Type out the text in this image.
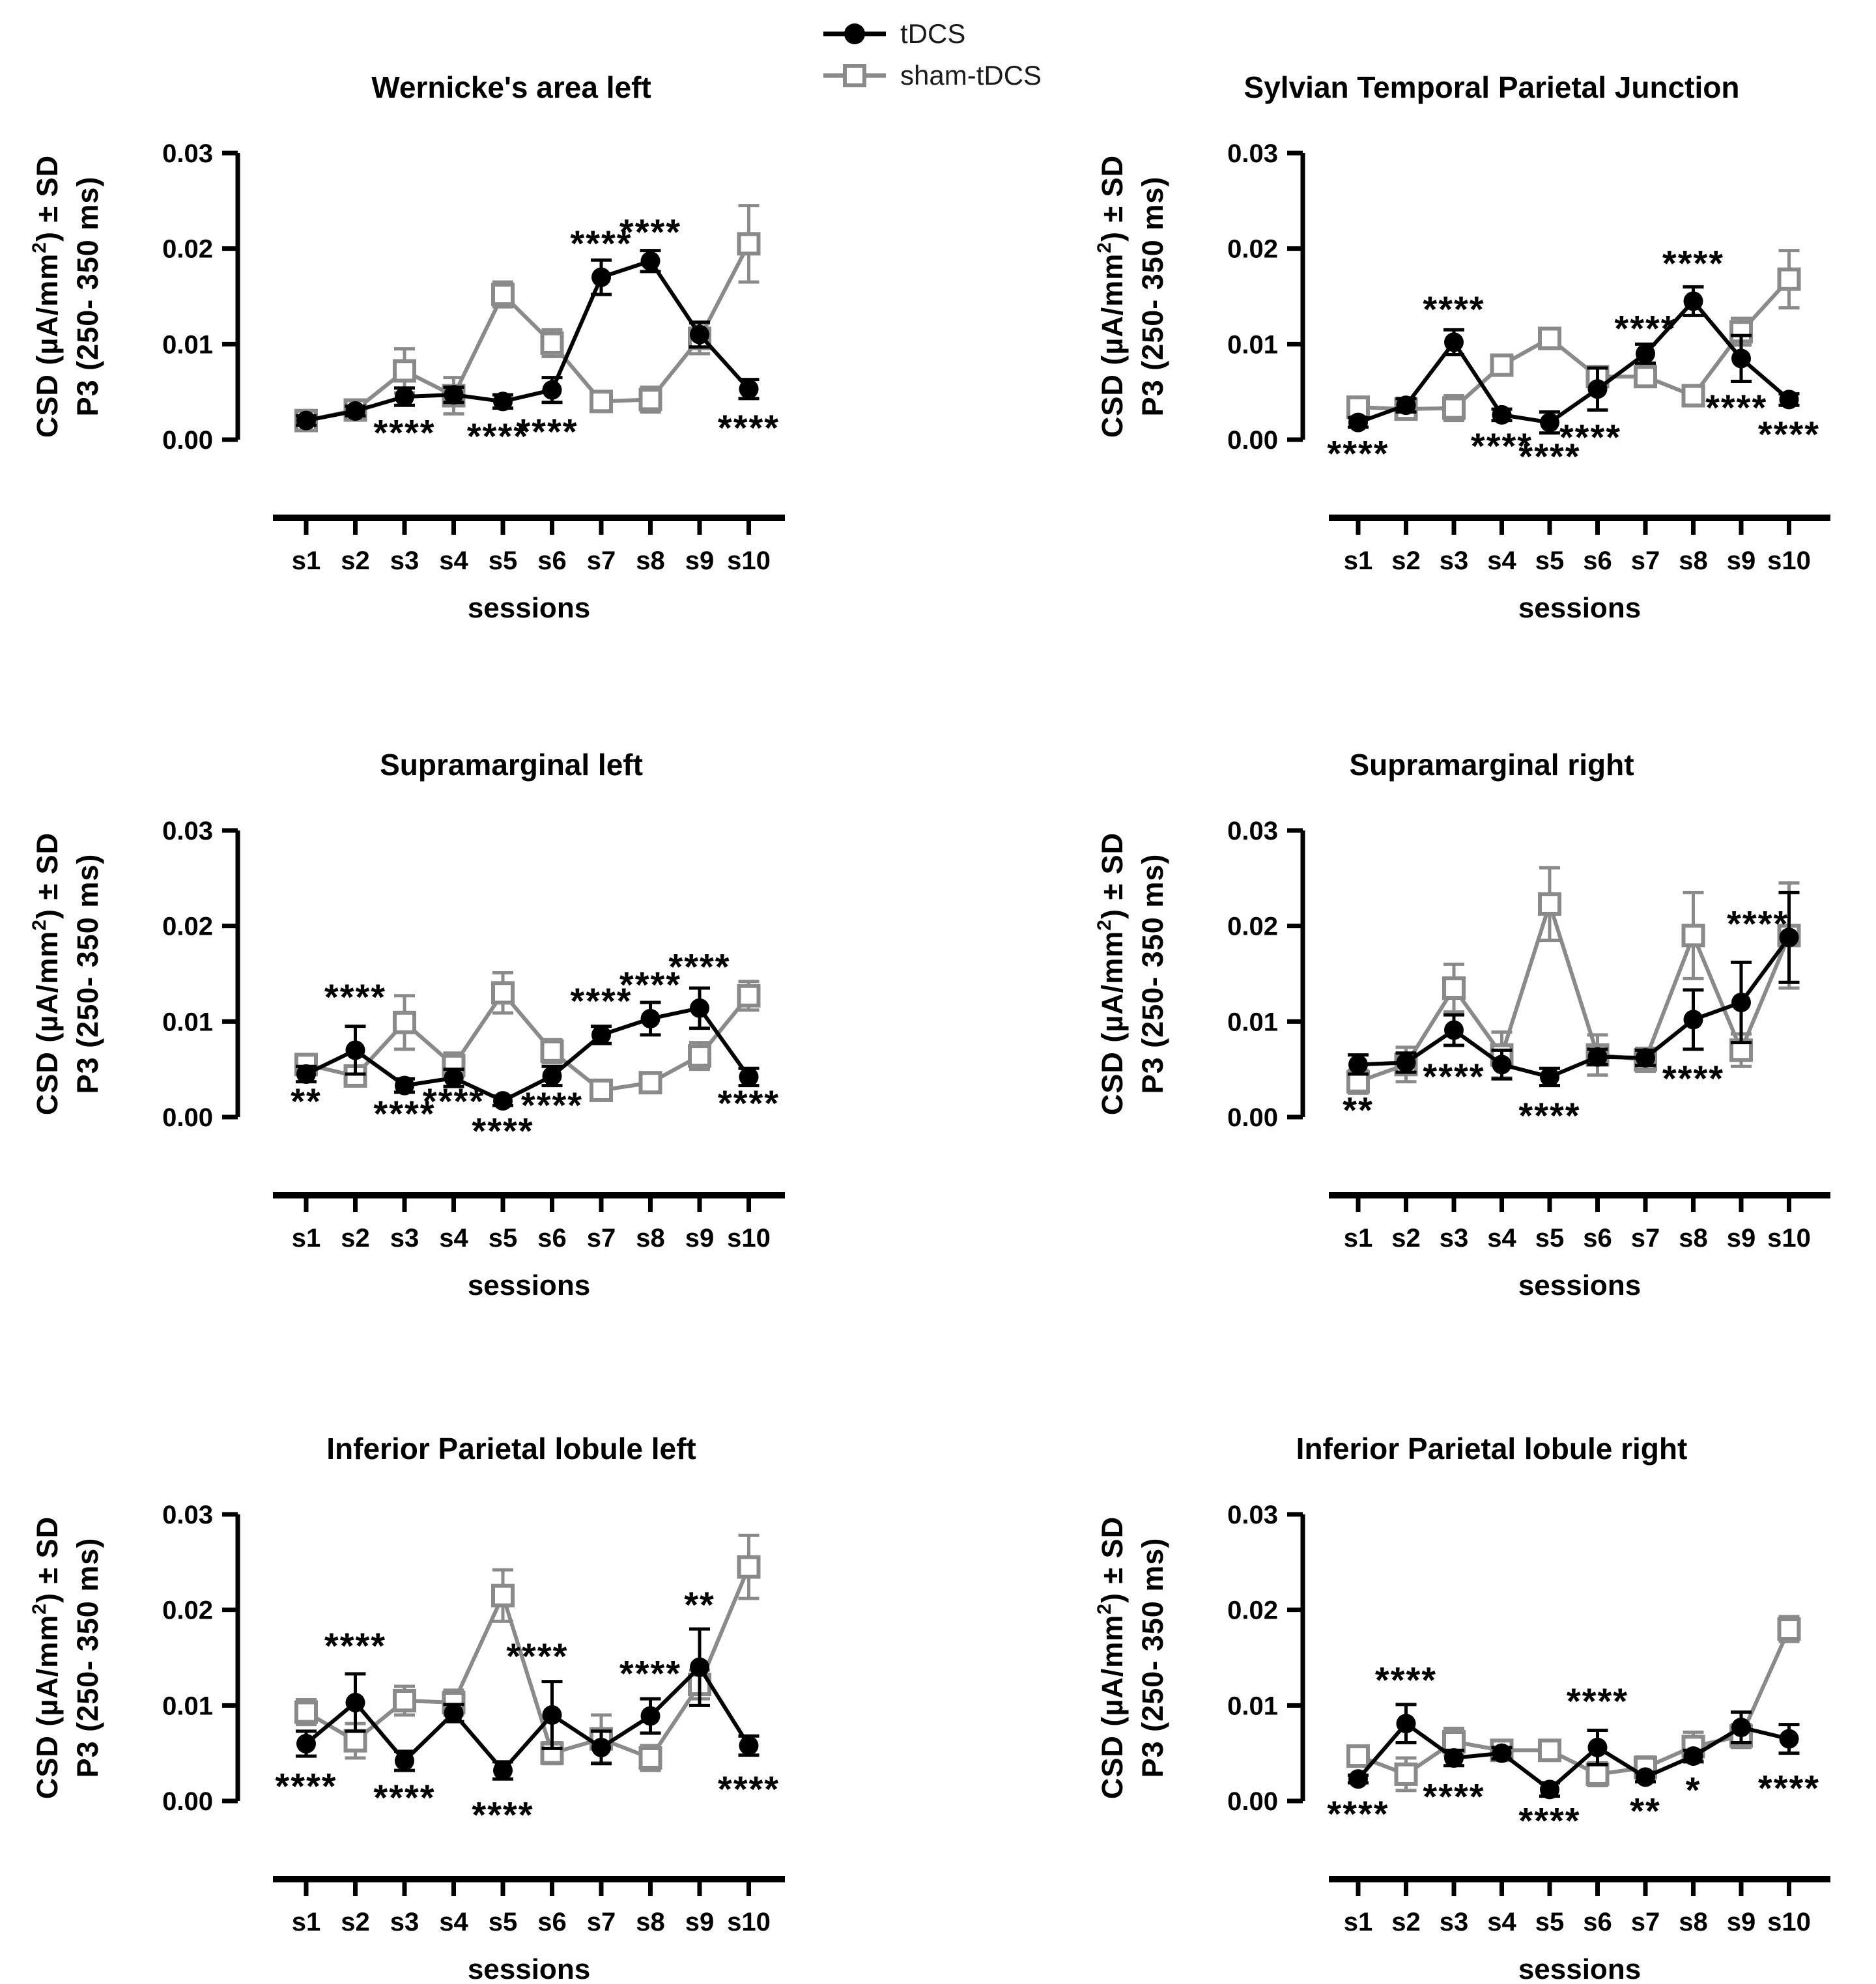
tDCS
sham-tDCS
Wernicke's area left
0.00
0.01
0.02
0.03
CSD $(\mu A/mm^2)$ ± SD P3 (250- 350 ms)
s1 s2 s3 s4 s5 s6 s7 s8 s9 s10
sessions
**** ****
****
****
****
****
Sylvian Temporal Parietal Junction
0.00
0.01
0.02
0.03
CSD $(\mu A/mm^2)$ ± SD P3 (250- 350 ms)
s1 s2 s3 s4 s5 s6 s7 s8 s9 s10
sessions
****
****
****
****
****
****
****
****
****
Supramarginal left
0.00
0.01
0.02
0.03
CSD $(\mu A/mm^2)$ ± SD P3 (250- 350 ms)
s1 s2 s3 s4 s5 s6 s7 s8 s9 s10
sessions
**
****
****
****
****
****
****
****
****
****
Supramarginal right
0.00
0.01
0.02
0.03
CSD $(\mu A/mm^2)$ ± SD P3 (250- 350 ms)
s1 s2 s3 s4 s5 s6 s7 s8 s9 s10
sessions
**
****
****
****
****
Inferior Parietal lobule left
0.00
0.01
0.02
0.03
CSD $(\mu A/mm^2)$ ± SD P3 (250- 350 ms)
s1 s2 s3 s4 s5 s6 s7 s8 s9 s10
sessions
****
****
**** ****
**** ****
**
****
Inferior Parietal lobule right
0.00
0.01
0.02
0.03
CSD $(\mu A/mm^2)$ ± SD P3 (250- 350 ms)
s1 s2 s3 s4 s5 s6 s7 s8 s9 s10
sessions
****
****
****
****
****
**
* ****
